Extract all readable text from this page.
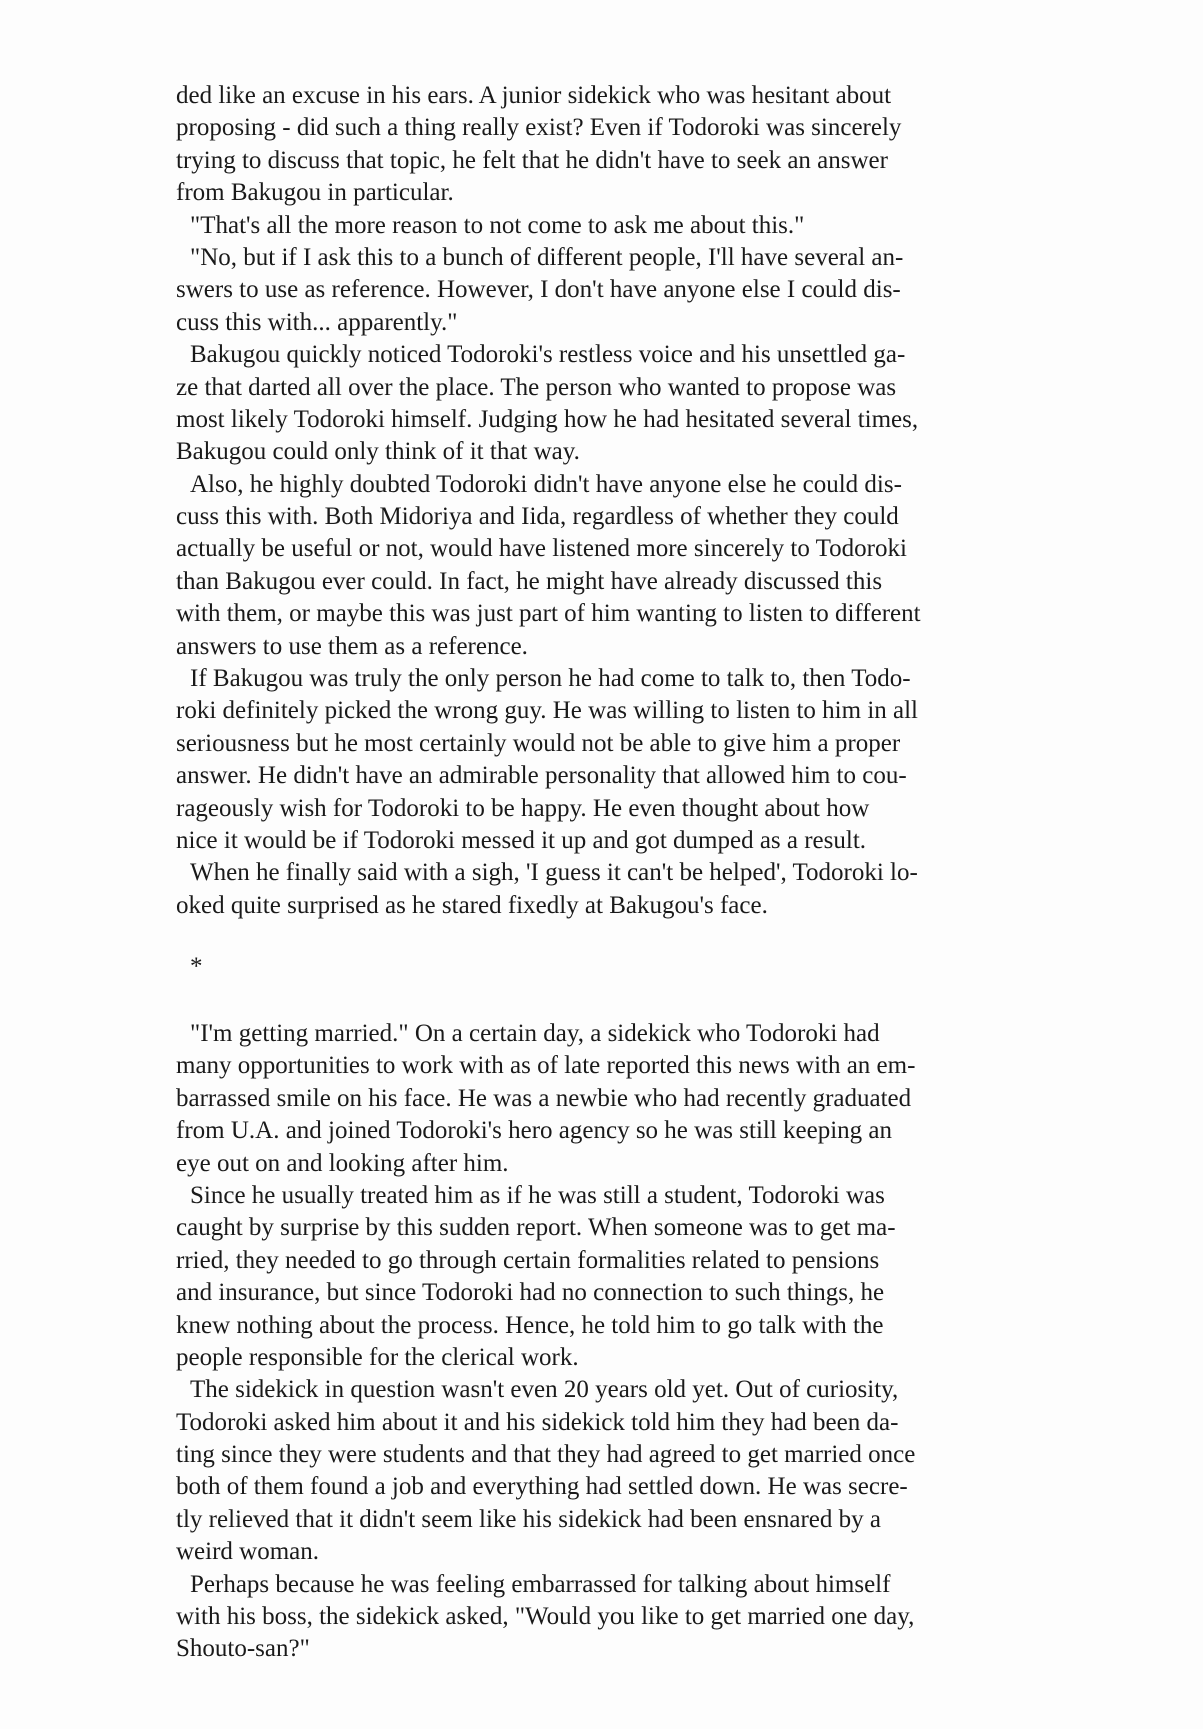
ded like an excuse in his ears. A junior sidekick who was hesitant about
proposing - did such a thing really exist? Even if Todoroki was sincerely
trying to discuss that topic, he felt that he didn't have to seek an answer
from Bakugou in particular.
"That's all the more reason to not come to ask me about this."
"No, but if I ask this to a bunch of different people, I'll have several an-
swers to use as reference. However, I don't have anyone else I could dis-
cuss this with... apparently."
Bakugou quickly noticed Todoroki's restless voice and his unsettled ga-
ze that darted all over the place. The person who wanted to propose was
most likely Todoroki himself. Judging how he had hesitated several times,
Bakugou could only think of it that way.
Also, he highly doubted Todoroki didn't have anyone else he could dis-
cuss this with. Both Midoriya and Iida, regardless of whether they could
actually be useful or not, would have listened more sincerely to Todoroki
than Bakugou ever could. In fact, he might have already discussed this
with them, or maybe this was just part of him wanting to listen to different
answers to use them as a reference.
If Bakugou was truly the only person he had come to talk to, then Todo-
roki definitely picked the wrong guy. He was willing to listen to him in all
seriousness but he most certainly would not be able to give him a proper
answer. He didn't have an admirable personality that allowed him to cou-
rageously wish for Todoroki to be happy. He even thought about how
nice it would be if Todoroki messed it up and got dumped as a result.
When he finally said with a sigh, 'I guess it can't be helped', Todoroki lo-
oked quite surprised as he stared fixedly at Bakugou's face.
*
"I'm getting married." On a certain day, a sidekick who Todoroki had
many opportunities to work with as of late reported this news with an em-
barrassed smile on his face. He was a newbie who had recently graduated
from U.A. and joined Todoroki's hero agency so he was still keeping an
eye out on and looking after him.
Since he usually treated him as if he was still a student, Todoroki was
caught by surprise by this sudden report. When someone was to get ma-
rried, they needed to go through certain formalities related to pensions
and insurance, but since Todoroki had no connection to such things, he
knew nothing about the process. Hence, he told him to go talk with the
people responsible for the clerical work.
The sidekick in question wasn't even 20 years old yet. Out of curiosity,
Todoroki asked him about it and his sidekick told him they had been da-
ting since they were students and that they had agreed to get married once
both of them found a job and everything had settled down. He was secre-
tly relieved that it didn't seem like his sidekick had been ensnared by a
weird woman.
Perhaps because he was feeling embarrassed for talking about himself
with his boss, the sidekick asked, "Would you like to get married one day,
Shouto-san?"
